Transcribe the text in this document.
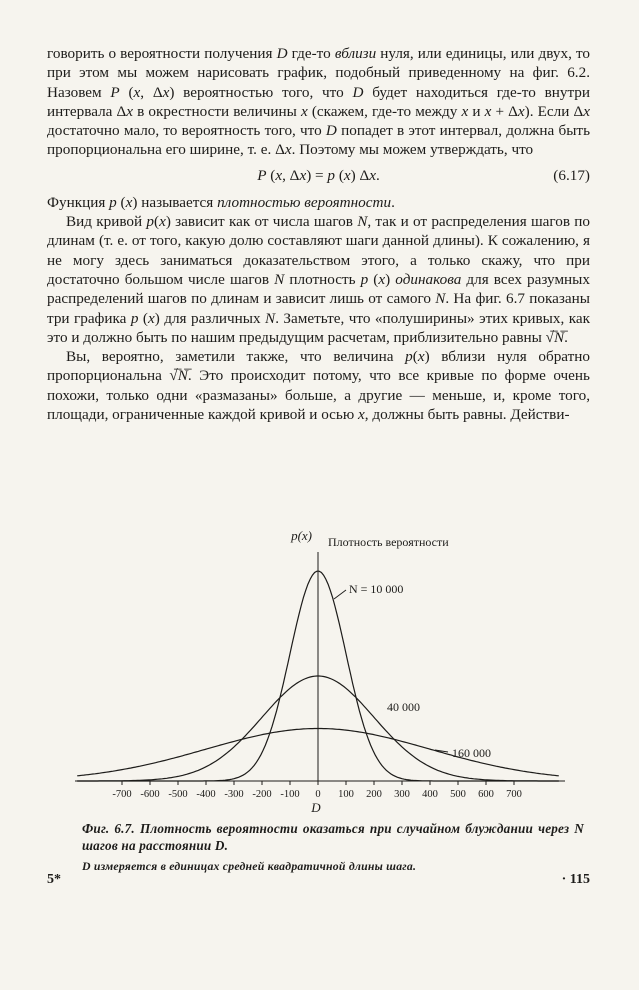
говорить о вероятности получения D где-то вблизи нуля, или единицы, или двух, то при этом мы можем нарисовать график, подобный приведенному на фиг. 6.2. Назовем P (x, Δx) вероятностью того, что D будет находиться где-то внутри интервала Δx в окрестности величины x (скажем, где-то между x и x + Δx). Если Δx достаточно мало, то вероятность того, что D попадет в этот интервал, должна быть пропорциональна его ширине, т. е. Δx. Поэтому мы можем утверждать, что

P (x, Δx) = p (x) Δx.	(6.17)

Функция p (x) называется плотностью вероятности.

Вид кривой p(x) зависит как от числа шагов N, так и от распределения шагов по длинам (т. е. от того, какую долю составляют шаги данной длины). К сожалению, я не могу здесь заниматься доказательством этого, а только скажу, что при достаточно большом числе шагов N плотность p (x) одинакова для всех разумных распределений шагов по длинам и зависит лишь от самого N. На фиг. 6.7 показаны три графика p (x) для различных N. Заметьте, что «полуширины» этих кривых, как это и должно быть по нашим предыдущим расчетам, приблизительно равны √̅N̅.

Вы, вероятно, заметили также, что величина p(x) вблизи нуля обратно пропорциональна √̅N̅. Это происходит потому, что все кривые по форме очень похожи, только одни «размазаны» больше, а другие — меньше, и, кроме того, площади, ограниченные каждой кривой и осью x, должны быть равны. Действи-

-700 -600 -500 -400 -300 -200 -100 0 100 200 300 400 500 600 700
N = 10 000
40 000
160 000
p(x) Плотность вероятности
D

Фиг. 6.7. Плотность вероятности оказаться при случайном блуждании через N шагов на расстоянии D.

D измеряется в единицах средней квадратичной длины шага.

5*	· 115
